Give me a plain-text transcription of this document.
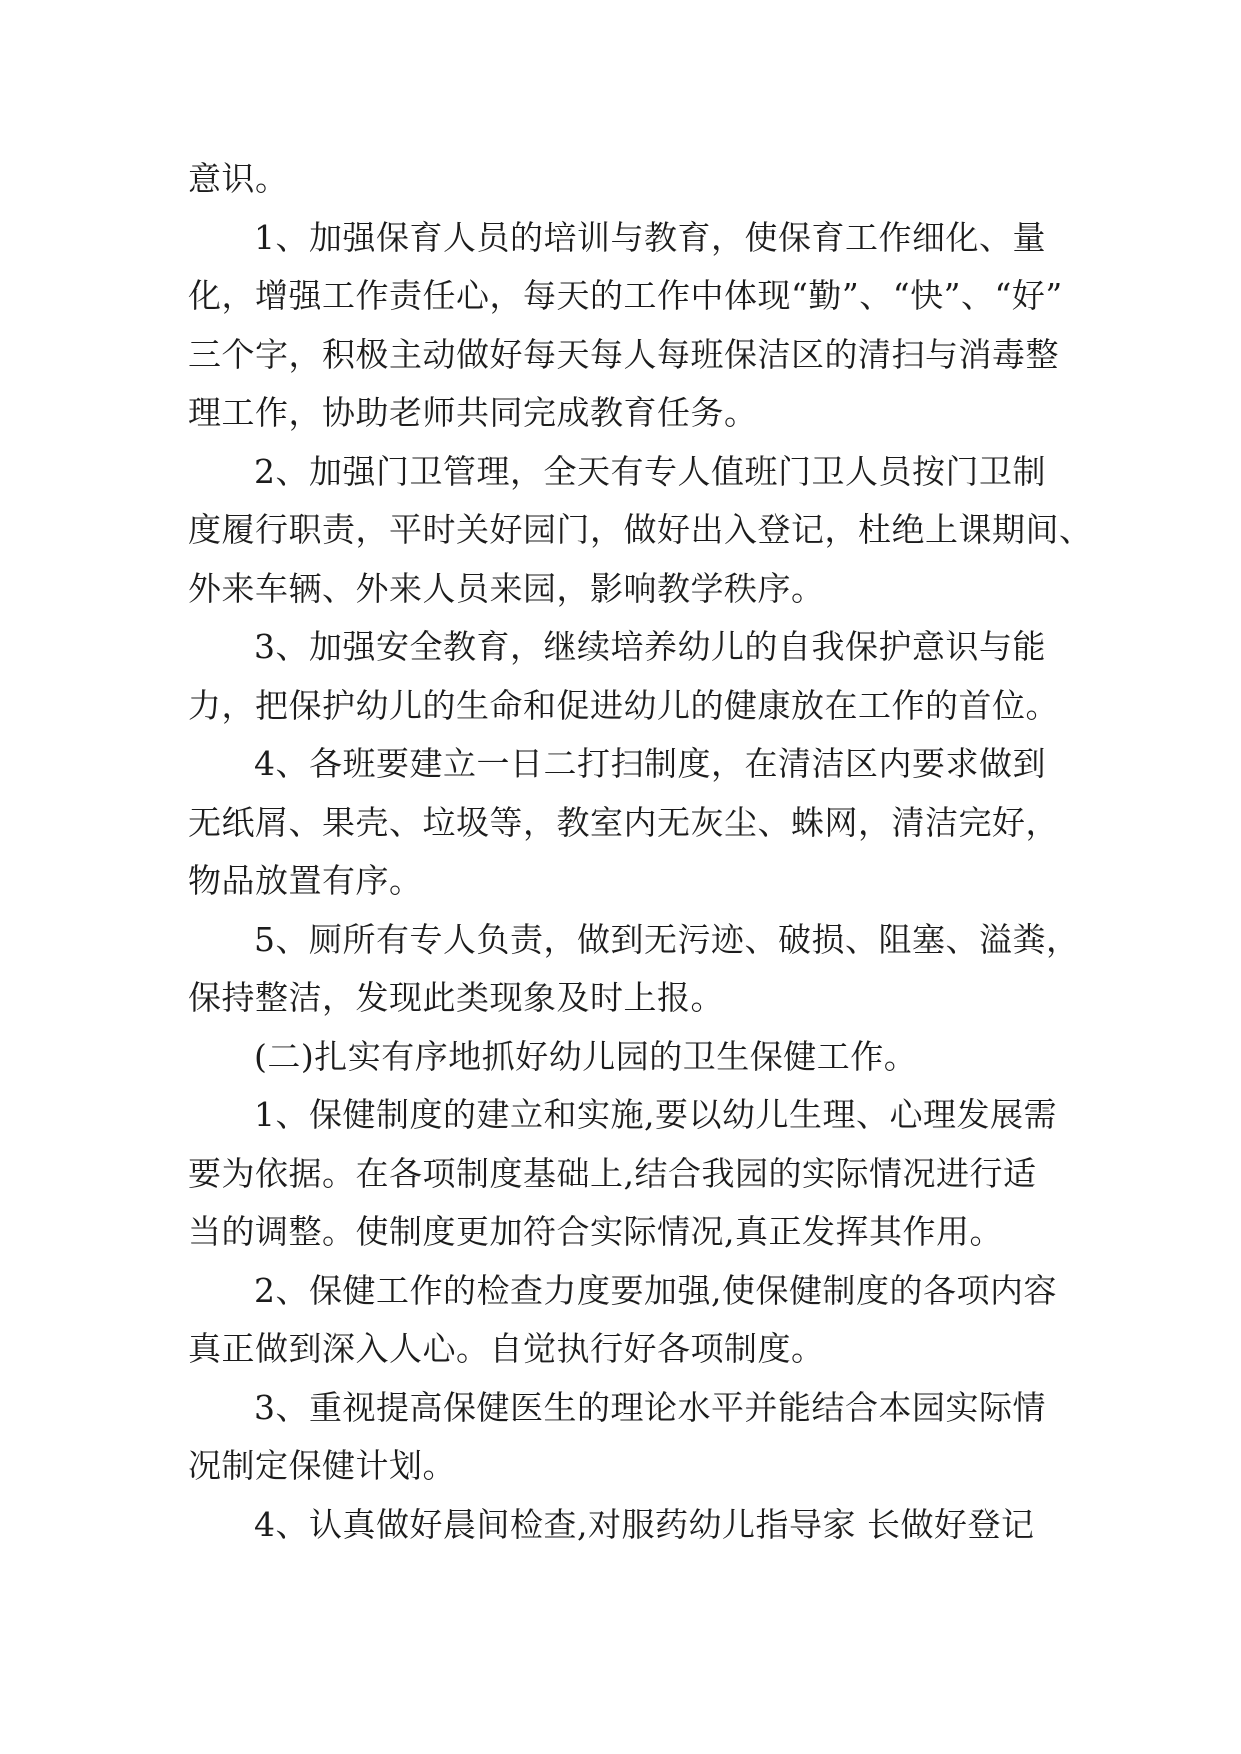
意识。
1、加强保育人员的培训与教育，使保育工作细化、量
化，增强工作责任心，每天的工作中体现“勤”、“快”、“好”
三个字，积极主动做好每天每人每班保洁区的清扫与消毒整
理工作，协助老师共同完成教育任务。
2、加强门卫管理，全天有专人值班门卫人员按门卫制
度履行职责，平时关好园门，做好出入登记，杜绝上课期间、
外来车辆、外来人员来园，影响教学秩序。
3、加强安全教育，继续培养幼儿的自我保护意识与能
力，把保护幼儿的生命和促进幼儿的健康放在工作的首位。
4、各班要建立一日二打扫制度，在清洁区内要求做到
无纸屑、果壳、垃圾等，教室内无灰尘、蛛网，清洁完好，
物品放置有序。
5、厕所有专人负责，做到无污迹、破损、阻塞、溢粪，
保持整洁，发现此类现象及时上报。
(二)扎实有序地抓好幼儿园的卫生保健工作。
1、保健制度的建立和实施,要以幼儿生理、心理发展需
要为依据。在各项制度基础上,结合我园的实际情况进行适
当的调整。使制度更加符合实际情况,真正发挥其作用。
2、保健工作的检查力度要加强,使保健制度的各项内容
真正做到深入人心。自觉执行好各项制度。
3、重视提高保健医生的理论水平并能结合本园实际情
况制定保健计划。
4、认真做好晨间检查,对服药幼儿指导家 长做好登记
